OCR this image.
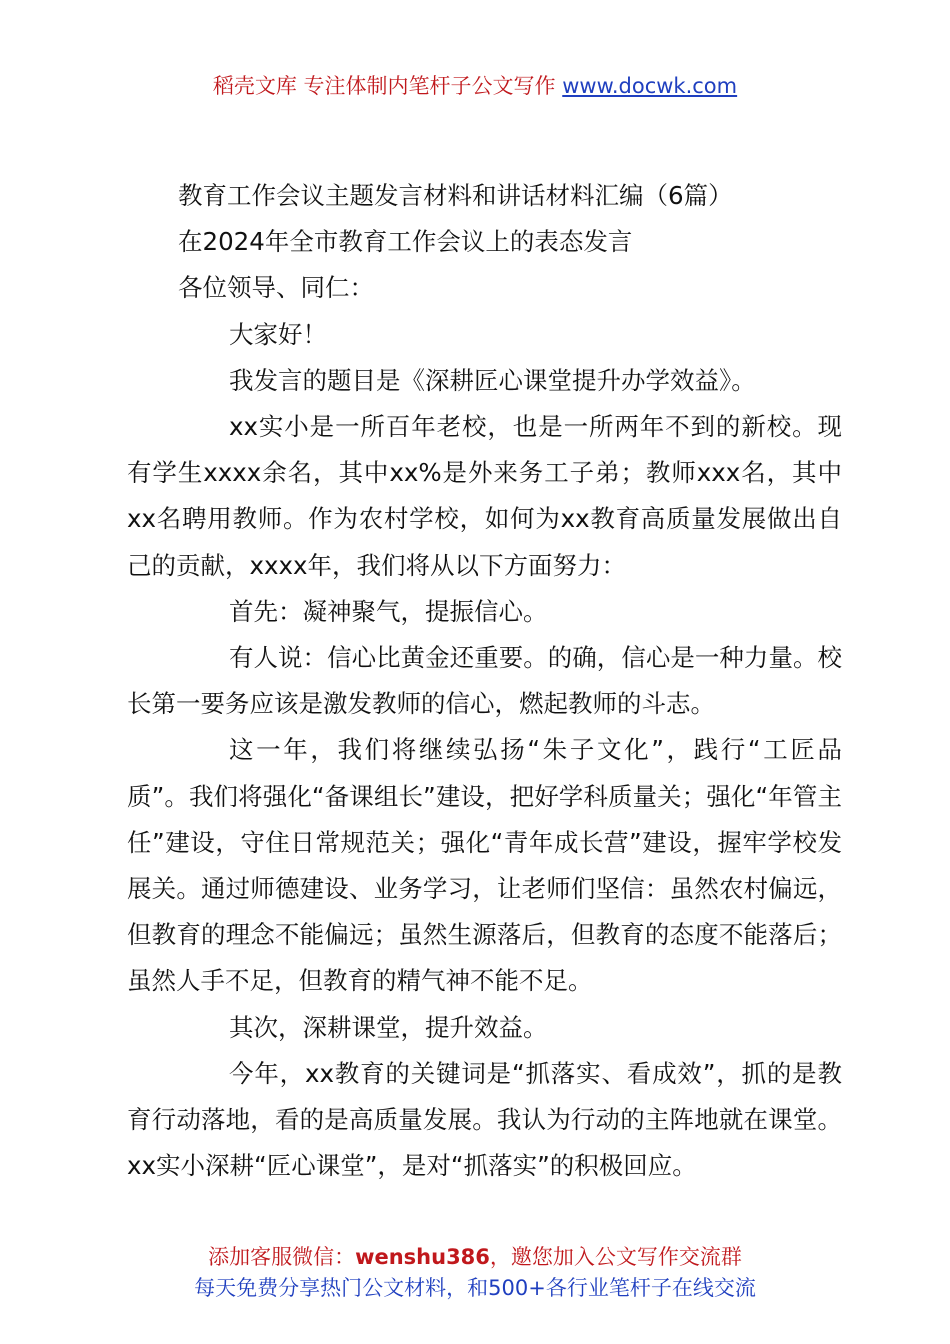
稻壳文库 专注体制内笔杆子公文写作 www.docwk.com

教育工作会议主题发言材料和讲话材料汇编（6篇）

在2024年全市教育工作会议上的表态发言

各位领导、同仁：

大家好！

我发言的题目是《深耕匠心课堂提升办学效益》。

xx实小是一所百年老校，也是一所两年不到的新校。现有学生xxxx余名，其中xx%是外来务工子弟；教师xxx名，其中xx名聘用教师。作为农村学校，如何为xx教育高质量发展做出自己的贡献，xxxx年，我们将从以下方面努力：

首先：凝神聚气，提振信心。

有人说：信心比黄金还重要。的确，信心是一种力量。校长第一要务应该是激发教师的信心，燃起教师的斗志。

这一年，我们将继续弘扬“朱子文化”，践行“工匠品质”。我们将强化“备课组长”建设，把好学科质量关；强化“年管主任”建设，守住日常规范关；强化“青年成长营”建设，握牢学校发展关。通过师德建设、业务学习，让老师们坚信：虽然农村偏远，但教育的理念不能偏远；虽然生源落后，但教育的态度不能落后；虽然人手不足，但教育的精气神不能不足。

其次，深耕课堂，提升效益。

今年，xx教育的关键词是“抓落实、看成效”，抓的是教育行动落地，看的是高质量发展。我认为行动的主阵地就在课堂。xx实小深耕“匠心课堂”，是对“抓落实”的积极回应。

添加客服微信：wenshu386，邀您加入公文写作交流群
每天免费分享热门公文材料，和500+各行业笔杆子在线交流
